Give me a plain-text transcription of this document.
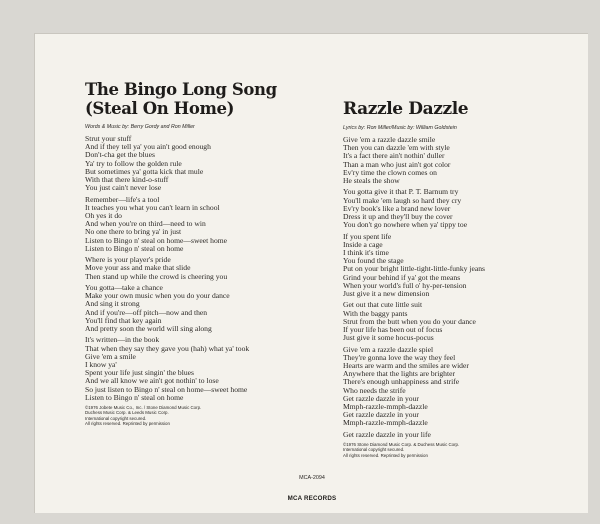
The Bingo Long Song
(Steal On Home)
Words & Music by: Berry Gordy and Ron Miller
Strut your stuff
And if they tell ya' you ain't good enough
Don't-cha get the blues
Ya' try to follow the golden rule
But sometimes ya' gotta kick that mule
With that there kind-o-stuff
You just cain't never lose
Remember—life's a tool
It teaches you what you can't learn in school
Oh yes it do
And when you're on third—need to win
No one there to bring ya' in just
Listen to Bingo n' steal on home—sweet home
Listen to Bingo n' steal on home
Where is your player's pride
Move your ass and make that slide
Then stand up while the crowd is cheering you
You gotta—take a chance
Make your own music when you do your dance
And sing it strong
And if you're—off pitch—now and then
You'll find that key again
And pretty soon the world will sing along
It's written—in the book
That when they say they gave you (hah) what ya' took
Give 'em a smile
I know ya'
Spent your life just singin' the blues
And we all know we ain't got nothin' to lose
So just listen to Bingo n' steal on home—sweet home
Listen to Bingo n' steal on home
©1976 Jobete Music Co., Inc. / Stone Diamond Music Corp.
Duchess Music Corp. & Leeds Music Corp.
International copyright secured.
All rights reserved. Reprinted by permission
Razzle Dazzle
Lyrics by: Ron Miller/Music by: William Goldstein
Give 'em a razzle dazzle smile
Then you can dazzle 'em with style
It's a fact there ain't nothin' duller
Than a man who just ain't got color
Ev'ry time the clown comes on
He steals the show
You gotta give it that P. T. Barnum try
You'll make 'em laugh so hard they cry
Ev'ry book's like a brand new lover
Dress it up and they'll buy the cover
You don't go nowhere when ya' tippy toe
If you spent life
Inside a cage
I think it's time
You found the stage
Put on your bright little-tight-little-funky jeans
Grind your behind if ya' got the means
When your world's full o' hy-per-tension
Just give it a new dimension
Get out that cute little suit
With the baggy pants
Strut from the butt when you do your dance
If your life has been out of focus
Just give it some hocus-pocus
Give 'em a razzle dazzle spiel
They're gonna love the way they feel
Hearts are warm and the smiles are wider
Anywhere that the lights are brighter
There's enough unhappiness and strife
Who needs the strife
Get razzle dazzle in your
Mmph-razzle-mmph-dazzle
Get razzle dazzle in your
Mmph-razzle-mmph-dazzle
Get razzle dazzle in your life
©1976 Stone Diamond Music Corp. & Duchess Music Corp.
International copyright secured.
All rights reserved. Reprinted by permission
MCA-2094
MCA RECORDS
